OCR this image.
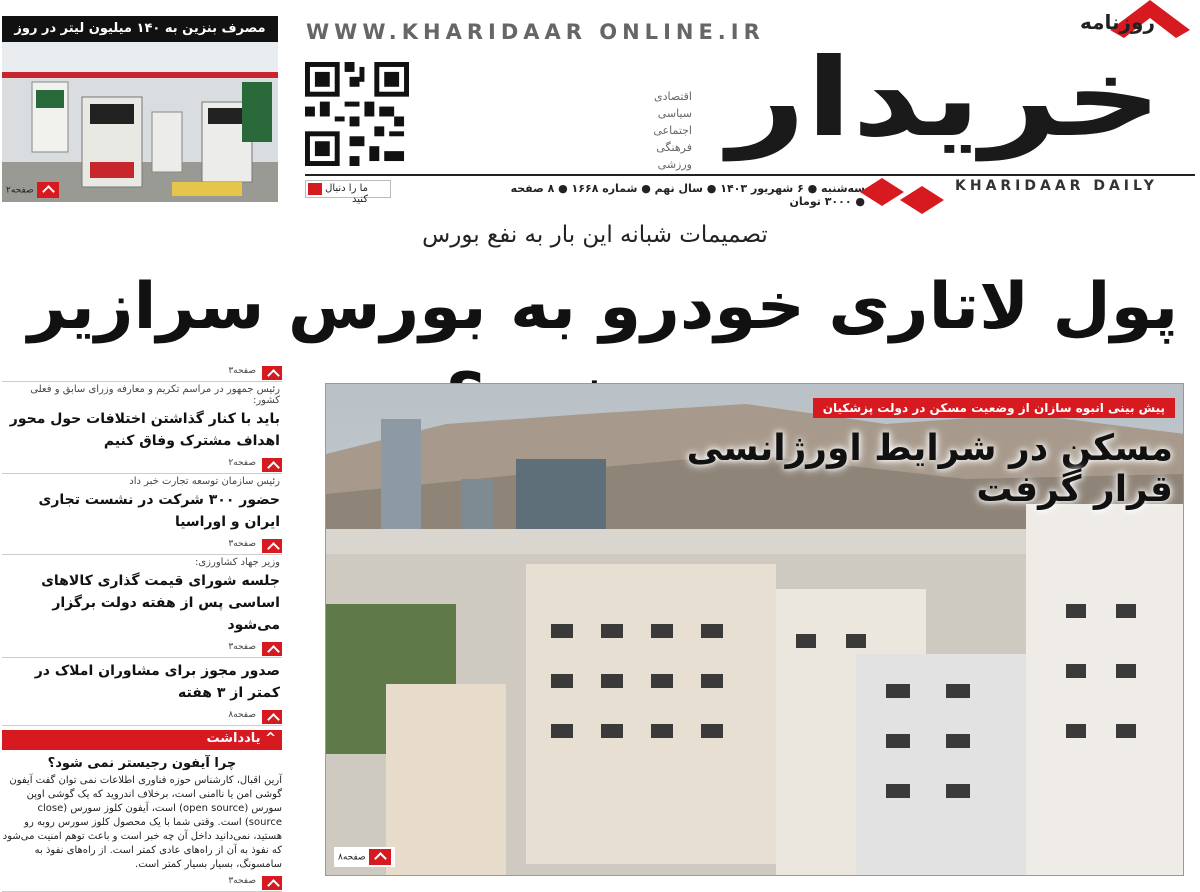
خریدار
روزنامه
KHARIDAAR DAILY
WWW.KHARIDAAR ONLINE.IR
اقتصادی
سیاسی
اجتماعی
فرهنگی
ورزشی
سه‌شنبه ● ۶ شهریور ۱۴۰۳ ● سال نهم ● شماره ۱۶۶۸ ● ۸ صفحه ● ۳۰۰۰ تومان
ما را دنبال کنید
مصرف بنزین به ۱۴۰ میلیون لیتر در روز
صفحه۲
تصمیمات شبانه این بار به نفع بورس
پول لاتاری خودرو به بورس سرازیر
پیش بینی انبوه سازان از وضعیت مسکن در دولت پزشکیان
مسکن در شرایط اورژانسی قرار گرفت
صفحه۸
صفحه۳
رئیس جمهور در مراسم تکریم و معارفه وزرای سابق و فعلی کشور:
باید با کنار گذاشتن اختلافات حول محور اهداف مشترک وفاق کنیم
صفحه۲
رئیس سازمان توسعه تجارت خبر داد
حضور ۳۰۰ شرکت در نشست تجاری ایران و اوراسیا
صفحه۳
وزیر جهاد کشاورزی:
جلسه شورای قیمت گذاری کالاهای اساسی پس از هفته دولت برگزار می‌شود
صفحه۳
صدور مجوز برای مشاوران املاک در کمتر از ۳ هفته
صفحه۸
^ یادداشت
چرا آیفون رجیستر نمی شود؟
آرین اقبال، کارشناس حوزه فناوری اطلاعات نمی توان گفت آیفون گوشی امن یا ناامنی است، برخلاف اندروید که یک گوشی اوپن سورس (open source) است، آیفون کلوز سورس (close source) است. وقتی شما با یک محصول کلوز سورس روبه رو هستید، نمی‌دانید داخل آن چه خبر است و باعث توهم امنیت می‌شود که نفوذ به آن از راه‌های عادی کمتر است. از راه‌های نفوذ به سامسونگ، بسیار بسیار کمتر است.
صفحه۳
